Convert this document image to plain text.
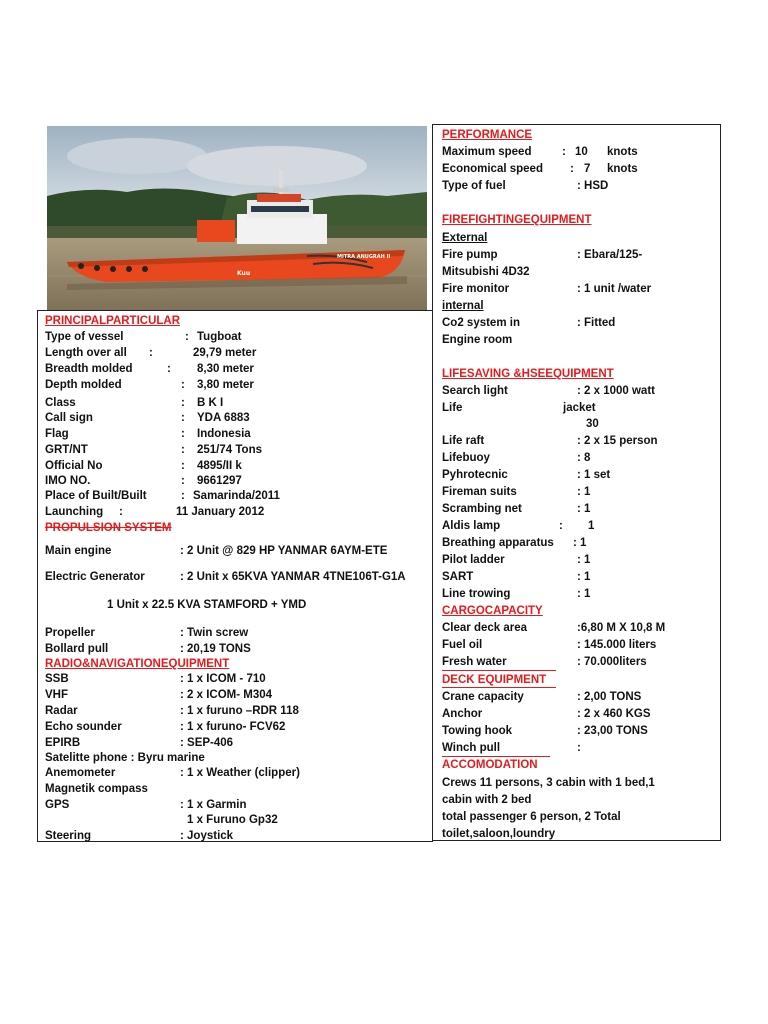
MITRA ANUGRAH II
Kuu
PRINCIPALPARTICULAR
Type of vessel	: Tugboat
Length over all :	29,79 meter
Breadth molded	: 8,30 meter
Depth molded	: 3,80 meter
Class	: B K I
Call sign	: YDA 6883
Flag	: Indonesia
GRT/NT	: 251/74 Tons
Official No	: 4895/II k
IMO NO.	: 9661297
Place of Built/Built	: Samarinda/2011
Launching :	11 January 2012
PROPULSION SYSTEM
Main engine	: 2 Unit @ 829 HP YANMAR 6AYM-ETE
Electric Generator	: 2 Unit x 65KVA YANMAR 4TNE106T-G1A
1 Unit x 22.5 KVA STAMFORD + YMD
Propeller	: Twin screw
Bollard pull	: 20,19 TONS
RADIO&NAVIGATIONEQUIPMENT
SSB	: 1 x ICOM - 710
VHF	: 2 x ICOM- M304
Radar	: 1 x furuno –RDR 118
Echo sounder	: 1 x furuno- FCV62
EPIRB	: SEP-406
Satelitte phone : Byru marine
Anemometer	: 1 x Weather (clipper)
Magnetik compass
GPS	: 1 x Garmin
1 x Furuno Gp32
Steering	: Joystick
PERFORMANCE
Maximum speed	: 10 knots
Economical speed : 7 knots
Type of fuel	: HSD
FIREFIGHTINGEQUIPMENT
External
Fire pump	: Ebara/125-
Mitsubishi 4D32
Fire monitor	: 1 unit /water
internal
Co2 system in	: Fitted
Engine room
LIFESAVING &HSEEQUIPMENT
Search light	: 2 x 1000 watt
Life	jacket
30
Life raft	: 2 x 15 person
Lifebuoy	: 8
Pyhrotecnic	: 1 set
Fireman suits	: 1
Scrambing net	: 1
Aldis lamp	: 1
Breathing apparatus : 1
Pilot ladder	: 1
SART	: 1
Line trowing	: 1
CARGOCAPACITY
Clear deck area	:6,80 M X 10,8 M
Fuel oil	: 145.000 liters
Fresh water	: 70.000liters
DECK EQUIPMENT
Crane capacity	: 2,00 TONS
Anchor	: 2 x 460 KGS
Towing hook	: 23,00 TONS
Winch pull	:
ACCOMODATION
Crews 11 persons, 3 cabin with 1 bed,1
cabin with 2 bed
total passenger 6 person, 2 Total
toilet,saloon,loundry
